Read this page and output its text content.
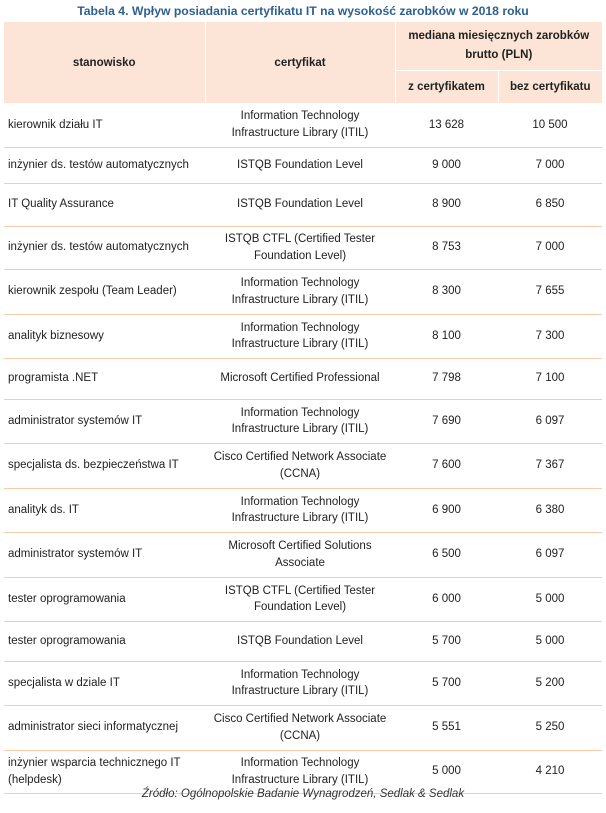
Tabela 4. Wpływ posiadania certyfikatu IT na wysokość zarobków w 2018 roku
stanowisko	certyfikat	mediana miesięcznych zarobków brutto (PLN)	
		z certyfikatem	bez certyfikatu
kierownik działu IT	Information Technology Infrastructure Library (ITIL)	13 628	10 500
inżynier ds. testów automatycznych	ISTQB Foundation Level	9 000	7 000
IT Quality Assurance	ISTQB Foundation Level	8 900	6 850
inżynier ds. testów automatycznych	ISTQB CTFL (Certified Tester Foundation Level)	8 753	7 000
kierownik zespołu (Team Leader)	Information Technology Infrastructure Library (ITIL)	8 300	7 655
analityk biznesowy	Information Technology Infrastructure Library (ITIL)	8 100	7 300
programista .NET	Microsoft Certified Professional	7 798	7 100
administrator systemów IT	Information Technology Infrastructure Library (ITIL)	7 690	6 097
specjalista ds. bezpieczeństwa IT	Cisco Certified Network Associate (CCNA)	7 600	7 367
analityk ds. IT	Information Technology Infrastructure Library (ITIL)	6 900	6 380
administrator systemów IT	Microsoft Certified Solutions Associate	6 500	6 097
tester oprogramowania	ISTQB CTFL (Certified Tester Foundation Level)	6 000	5 000
tester oprogramowania	ISTQB Foundation Level	5 700	5 000
specjalista w dziale IT	Information Technology Infrastructure Library (ITIL)	5 700	5 200
administrator sieci informatycznej	Cisco Certified Network Associate (CCNA)	5 551	5 250
inżynier wsparcia technicznego IT (helpdesk)	Information Technology Infrastructure Library (ITIL)	5 000	4 210
Źródło: Ogólnopolskie Badanie Wynagrodzeń, Sedlak & Sedlak
